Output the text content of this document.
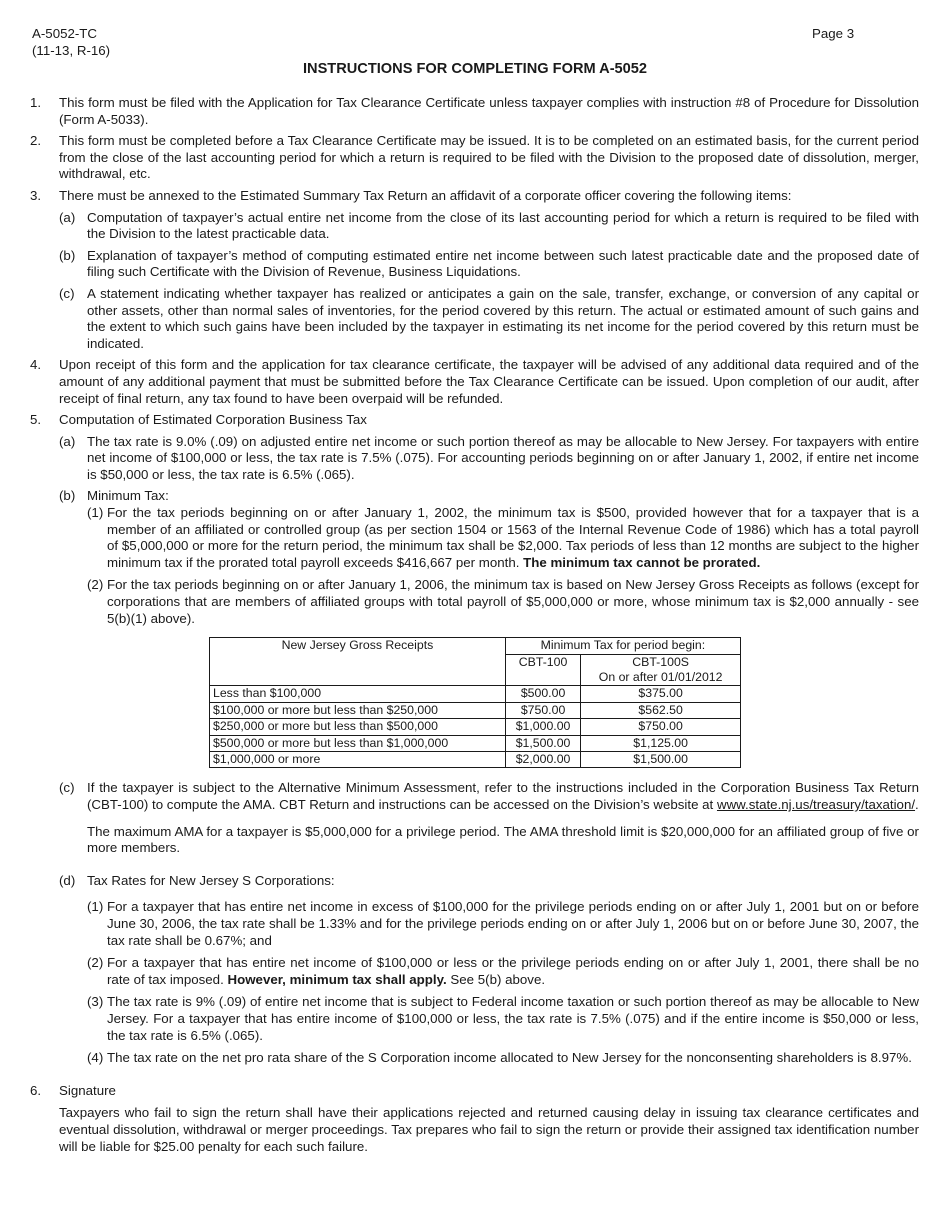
A-5052-TC
(11-13, R-16)
Page 3
INSTRUCTIONS FOR COMPLETING FORM A-5052
1. This form must be filed with the Application for Tax Clearance Certificate unless taxpayer complies with instruction #8 of Procedure for Dissolution (Form A-5033).
2. This form must be completed before a Tax Clearance Certificate may be issued. It is to be completed on an estimated basis, for the current period from the close of the last accounting period for which a return is required to be filed with the Division to the proposed date of dissolution, merger, withdrawal, etc.
3. There must be annexed to the Estimated Summary Tax Return an affidavit of a corporate officer covering the following items:
(a) Computation of taxpayer’s actual entire net income from the close of its last accounting period for which a return is required to be filed with the Division to the latest practicable data.
(b) Explanation of taxpayer’s method of computing estimated entire net income between such latest practicable date and the proposed date of filing such Certificate with the Division of Revenue, Business Liquidations.
(c) A statement indicating whether taxpayer has realized or anticipates a gain on the sale, transfer, exchange, or conversion of any capital or other assets, other than normal sales of inventories, for the period covered by this return. The actual or estimated amount of such gains and the extent to which such gains have been included by the taxpayer in estimating its net income for the period covered by this return must be indicated.
4. Upon receipt of this form and the application for tax clearance certificate, the taxpayer will be advised of any additional data required and of the amount of any additional payment that must be submitted before the Tax Clearance Certificate can be issued. Upon completion of our audit, after receipt of final return, any tax found to have been overpaid will be refunded.
5. Computation of Estimated Corporation Business Tax
(a) The tax rate is 9.0% (.09) on adjusted entire net income or such portion thereof as may be allocable to New Jersey. For taxpayers with entire net income of $100,000 or less, the tax rate is 7.5% (.075). For accounting periods beginning on or after January 1, 2002, if entire net income is $50,000 or less, the tax rate is 6.5% (.065).
(b) Minimum Tax:
(1) For the tax periods beginning on or after January 1, 2002, the minimum tax is $500, provided however that for a taxpayer that is a member of an affiliated or controlled group (as per section 1504 or 1563 of the Internal Revenue Code of 1986) which has a total payroll of $5,000,000 or more for the return period, the minimum tax shall be $2,000. Tax periods of less than 12 months are subject to the higher minimum tax if the prorated total payroll exceeds $416,667 per month. The minimum tax cannot be prorated.
(2) For the tax periods beginning on or after January 1, 2006, the minimum tax is based on New Jersey Gross Receipts as follows (except for corporations that are members of affiliated groups with total payroll of $5,000,000 or more, whose minimum tax is $2,000 annually - see 5(b)(1) above).
New Jersey Gross Receipts	Minimum Tax for period begin:	
	CBT-100	CBT-100S
On or after 01/01/2012

Less than $100,000	$500.00	$375.00
$100,000 or more but less than $250,000	$750.00	$562.50
$250,000 or more but less than $500,000	$1,000.00	$750.00
$500,000 or more but less than $1,000,000	$1,500.00	$1,125.00
$1,000,000 or more	$2,000.00	$1,500.00
(c) If the taxpayer is subject to the Alternative Minimum Assessment, refer to the instructions included in the Corporation Business Tax Return (CBT-100) to compute the AMA. CBT Return and instructions can be accessed on the Division’s website at www.state.nj.us/treasury/taxation/.
The maximum AMA for a taxpayer is $5,000,000 for a privilege period. The AMA threshold limit is $20,000,000 for an affiliated group of five or more members.
(d) Tax Rates for New Jersey S Corporations:
(1) For a taxpayer that has entire net income in excess of $100,000 for the privilege periods ending on or after July 1, 2001 but on or before June 30, 2006, the tax rate shall be 1.33% and for the privilege periods ending on or after July 1, 2006 but on or before June 30, 2007, the tax rate shall be 0.67%; and
(2) For a taxpayer that has entire net income of $100,000 or less or the privilege periods ending on or after July 1, 2001, there shall be no rate of tax imposed. However, minimum tax shall apply. See 5(b) above.
(3) The tax rate is 9% (.09) of entire net income that is subject to Federal income taxation or such portion thereof as may be allocable to New Jersey. For a taxpayer that has entire income of $100,000 or less, the tax rate is 7.5% (.075) and if the entire income is $50,000 or less, the tax rate is 6.5% (.065).
(4) The tax rate on the net pro rata share of the S Corporation income allocated to New Jersey for the nonconsenting shareholders is 8.97%.
6. Signature
Taxpayers who fail to sign the return shall have their applications rejected and returned causing delay in issuing tax clearance certificates and eventual dissolution, withdrawal or merger proceedings. Tax prepares who fail to sign the return or provide their assigned tax identification number will be liable for $25.00 penalty for each such failure.
